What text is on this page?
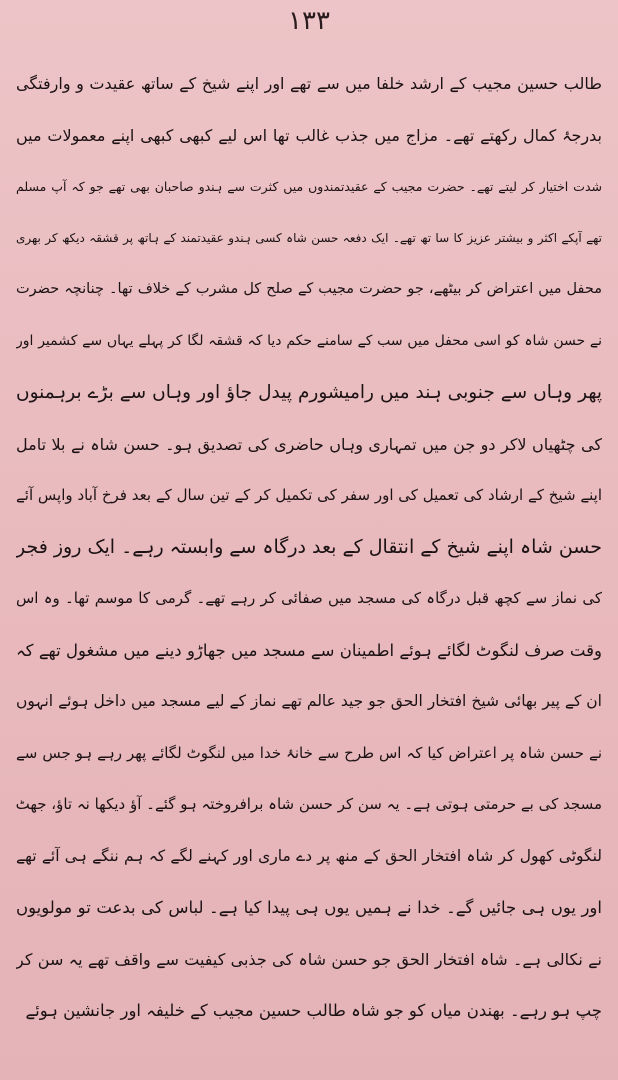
۱۳۳
طالب حسین مجیب کے ارشد خلفا میں سے تھے اور اپنے شیخ کے ساتھ عقیدت و وارفتگی
بدرجۂ کمال رکھتے تھے۔ مزاج میں جذب غالب تھا اس لیے کبھی کبھی اپنے معمولات میں
شدت اختیار کر لیتے تھے۔ حضرت مجیب کے عقیدتمندوں میں کثرت سے ہندو صاحبان بھی تھے جو کہ آپ مسلم
تھے آپکے اکثر و بیشتر عزیز کا سا تھ تھے۔ ایک دفعہ حسن شاہ کسی ہندو عقیدتمند کے ہاتھ پر قشقہ دیکھ کر بھری
محفل میں اعتراض کر بیٹھے، جو حضرت مجیب کے صلح کل مشرب کے خلاف تھا۔ چنانچہ حضرت
نے حسن شاہ کو اسی محفل میں سب کے سامنے حکم دیا کہ قشقہ لگا کر پہلے یہاں سے کشمیر اور
پھر وہاں سے جنوبی ہند میں رامیشورم پیدل جاؤ اور وہاں سے بڑے برہمنوں
کی چٹھیاں لاکر دو جن میں تمہاری وہاں حاضری کی تصدیق ہو۔ حسن شاہ نے بلا تامل
اپنے شیخ کے ارشاد کی تعمیل کی اور سفر کی تکمیل کر کے تین سال کے بعد فرخ آباد واپس آئے
حسن شاہ اپنے شیخ کے انتقال کے بعد درگاہ سے وابستہ رہے۔ ایک روز فجر
کی نماز سے کچھ قبل درگاہ کی مسجد میں صفائی کر رہے تھے۔ گرمی کا موسم تھا۔ وہ اس
وقت صرف لنگوٹ لگائے ہوئے اطمینان سے مسجد میں جھاڑو دینے میں مشغول تھے کہ
ان کے پیر بھائی شیخ افتخار الحق جو جید عالم تھے نماز کے لیے مسجد میں داخل ہوئے انہوں
نے حسن شاہ پر اعتراض کیا کہ اس طرح سے خانۂ خدا میں لنگوٹ لگائے پھر رہے ہو جس سے
مسجد کی بے حرمتی ہوتی ہے۔ یہ سن کر حسن شاہ برافروختہ ہو گئے۔ آؤ دیکھا نہ تاؤ، جھٹ
لنگوٹی کھول کر شاہ افتخار الحق کے منھ پر دے ماری اور کہنے لگے کہ ہم ننگے ہی آئے تھے
اور یوں ہی جائیں گے۔ خدا نے ہمیں یوں ہی پیدا کیا ہے۔ لباس کی بدعت تو مولویوں
نے نکالی ہے۔ شاہ افتخار الحق جو حسن شاہ کی جذبی کیفیت سے واقف تھے یہ سن کر
چپ ہو رہے۔ بھندن میاں کو جو شاہ طالب حسین مجیب کے خلیفہ اور جانشین ہوئے
